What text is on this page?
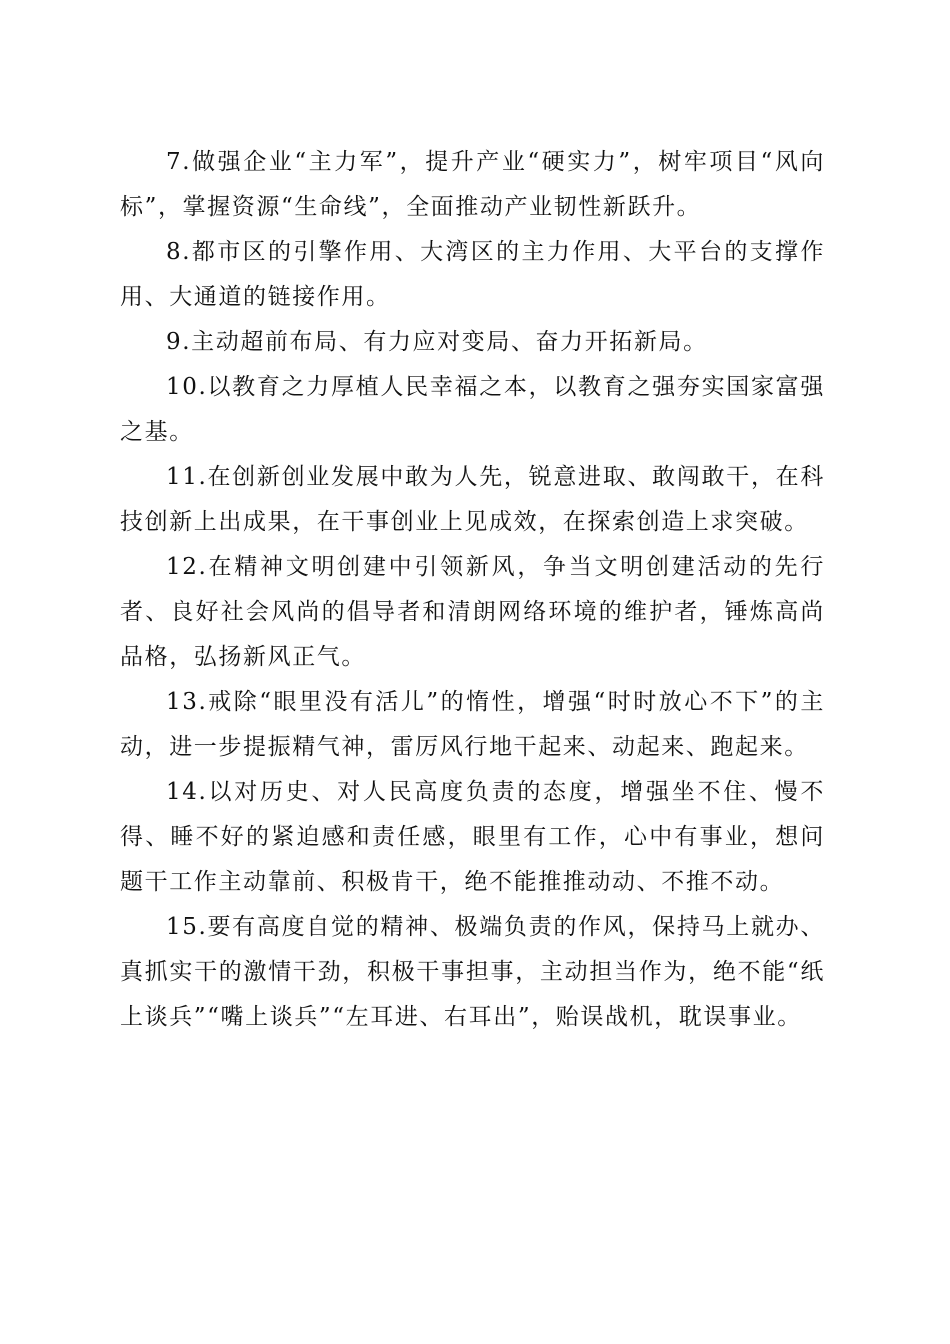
7.做强企业“主力军”，提升产业“硬实力”，树牢项目“风向标”，掌握资源“生命线”，全面推动产业韧性新跃升。

8.都市区的引擎作用、大湾区的主力作用、大平台的支撑作用、大通道的链接作用。

9.主动超前布局、有力应对变局、奋力开拓新局。

10.以教育之力厚植人民幸福之本，以教育之强夯实国家富强之基。

11.在创新创业发展中敢为人先，锐意进取、敢闯敢干，在科技创新上出成果，在干事创业上见成效，在探索创造上求突破。

12.在精神文明创建中引领新风，争当文明创建活动的先行者、良好社会风尚的倡导者和清朗网络环境的维护者，锤炼高尚品格，弘扬新风正气。

13.戒除“眼里没有活儿”的惰性，增强“时时放心不下”的主动，进一步提振精气神，雷厉风行地干起来、动起来、跑起来。

14.以对历史、对人民高度负责的态度，增强坐不住、慢不得、睡不好的紧迫感和责任感，眼里有工作，心中有事业，想问题干工作主动靠前、积极肯干，绝不能推推动动、不推不动。

15.要有高度自觉的精神、极端负责的作风，保持马上就办、真抓实干的激情干劲，积极干事担事，主动担当作为，绝不能“纸上谈兵”“嘴上谈兵”“左耳进、右耳出”，贻误战机，耽误事业。
